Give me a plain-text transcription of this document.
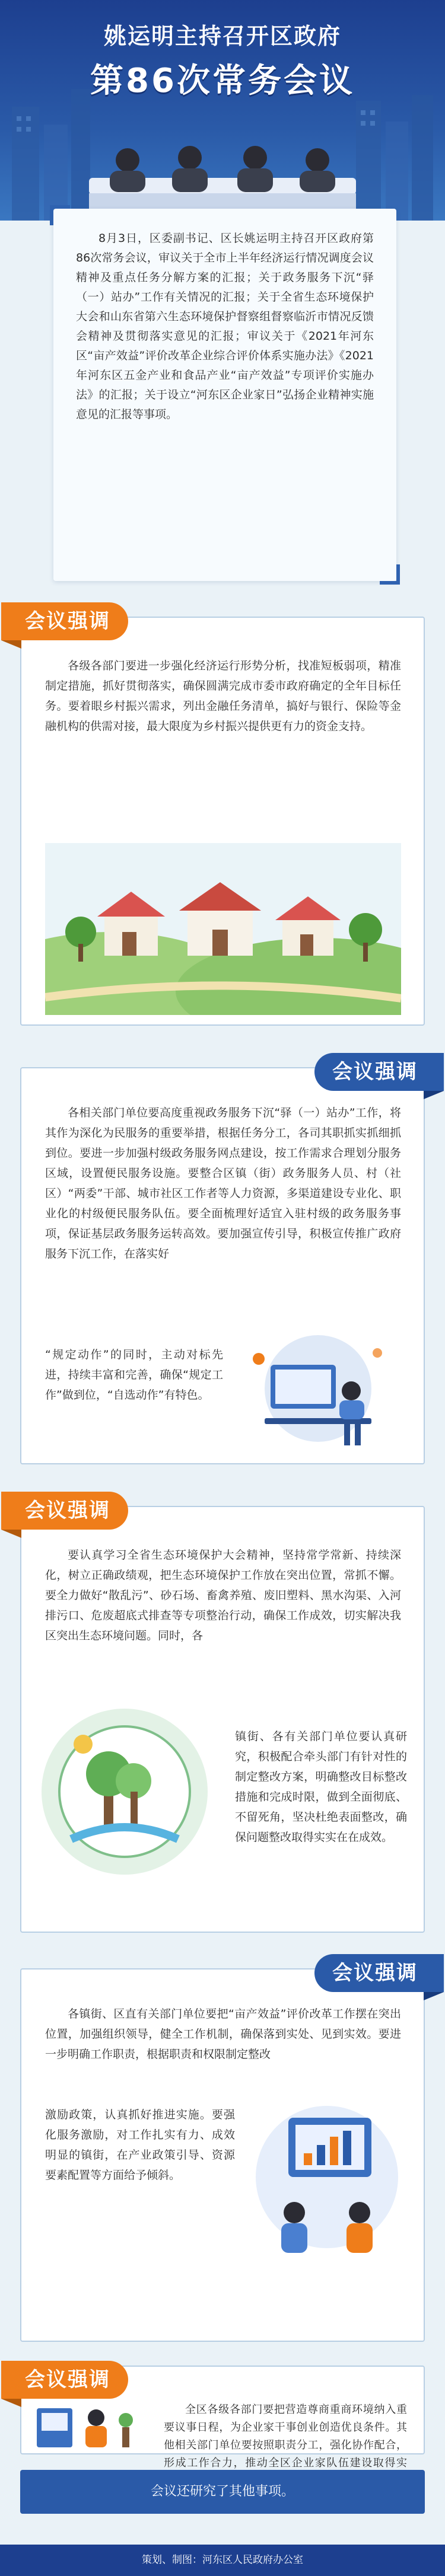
姚运明主持召开区政府
第86次常务会议

8月3日，区委副书记、区长姚运明主持召开区政府第86次常务会议，审议关于全市上半年经济运行情况调度会议精神及重点任务分解方案的汇报；关于政务服务下沉“驿（一）站办”工作有关情况的汇报；关于全省生态环境保护大会和山东省第六生态环境保护督察组督察临沂市情况反馈会精神及贯彻落实意见的汇报；审议关于《2021年河东区“亩产效益”评价改革企业综合评价体系实施办法》《2021年河东区五金产业和食品产业“亩产效益”专项评价实施办法》的汇报；关于设立“河东区企业家日”弘扬企业精神实施意见的汇报等事项。

会议强调
各级各部门要进一步强化经济运行形势分析，找准短板弱项，精准制定措施，抓好贯彻落实，确保圆满完成市委市政府确定的全年目标任务。要着眼乡村振兴需求，列出金融任务清单，搞好与银行、保险等金融机构的供需对接，最大限度为乡村振兴提供更有力的资金支持。
会议强调
各相关部门单位要高度重视政务服务下沉“驿（一）站办”工作，将其作为深化为民服务的重要举措，根据任务分工，各司其职抓实抓细抓到位。要进一步加强村级政务服务网点建设，按工作需求合理划分服务区域，设置便民服务设施。要整合区镇（街）政务服务人员、村（社区）“两委”干部、城市社区工作者等人力资源，多渠道建设专业化、职业化的村级便民服务队伍。要全面梳理好适宜入驻村级的政务服务事项，保证基层政务服务运转高效。要加强宣传引导，积极宣传推广政府服务下沉工作，在落实好
“规定动作”的同时，主动对标先进，持续丰富和完善，确保“规定工作”做到位，“自选动作”有特色。
会议强调
要认真学习全省生态环境保护大会精神，坚持常学常新、持续深化，树立正确政绩观，把生态环境保护工作放在突出位置，常抓不懈。要全力做好“散乱污”、砂石场、畜禽养殖、废旧塑料、黑水沟渠、入河排污口、危废超底式排查等专项整治行动，确保工作成效，切实解决我区突出生态环境问题。同时，各
镇街、各有关部门单位要认真研究，积极配合牵头部门有针对性的制定整改方案，明确整改目标整改措施和完成时限，做到全面彻底、不留死角，坚决杜绝表面整改，确保问题整改取得实实在在成效。
会议强调
各镇街、区直有关部门单位要把“亩产效益”评价改革工作摆在突出位置，加强组织领导，健全工作机制，确保落到实处、见到实效。要进一步明确工作职责，根据职责和权限制定整改
激励政策，认真抓好推进实施。要强化服务激励，对工作扎实有力、成效明显的镇街，在产业政策引导、资源要素配置等方面给予倾斜。
会议强调
全区各级各部门要把营造尊商重商环境纳入重要议事日程，为企业家干事创业创造优良条件。其他相关部门单位要按照职责分工，强化协作配合，形成工作合力，推动全区企业家队伍建设取得实
会议还研究了其他事项。
策划、制图：河东区人民政府办公室
